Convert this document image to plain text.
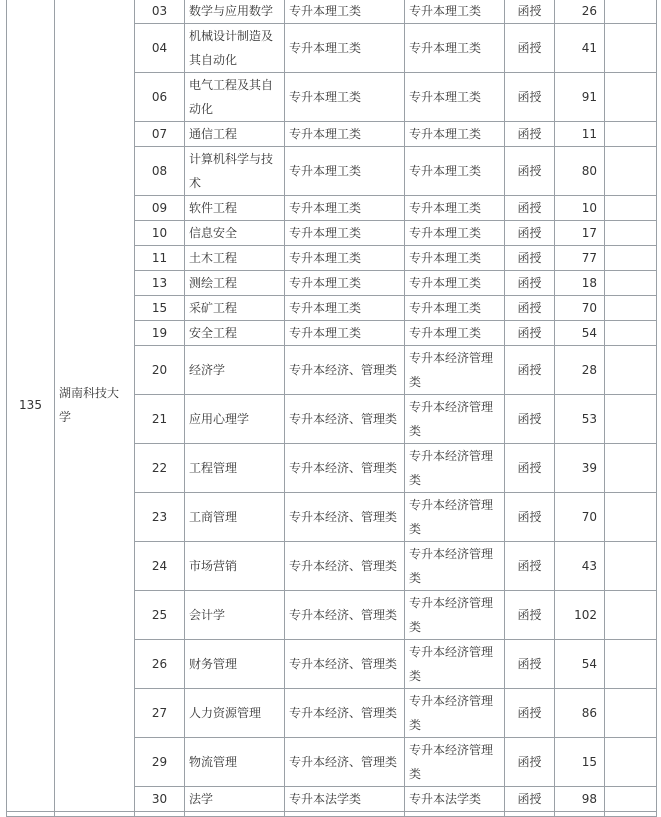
135	湖南科技大学	03	数学与应用数学	专升本理工类	专升本理工类	函授	26	
		04	机械设计制造及其自动化	专升本理工类	专升本理工类	函授	41	
		06	电气工程及其自动化	专升本理工类	专升本理工类	函授	91	
		07	通信工程	专升本理工类	专升本理工类	函授	11	
		08	计算机科学与技术	专升本理工类	专升本理工类	函授	80	
		09	软件工程	专升本理工类	专升本理工类	函授	10	
		10	信息安全	专升本理工类	专升本理工类	函授	17	
		11	土木工程	专升本理工类	专升本理工类	函授	77	
		13	测绘工程	专升本理工类	专升本理工类	函授	18	
		15	采矿工程	专升本理工类	专升本理工类	函授	70	
		19	安全工程	专升本理工类	专升本理工类	函授	54	
		20	经济学	专升本经济、管理类	专升本经济管理类	函授	28	
		21	应用心理学	专升本经济、管理类	专升本经济管理类	函授	53	
		22	工程管理	专升本经济、管理类	专升本经济管理类	函授	39	
		23	工商管理	专升本经济、管理类	专升本经济管理类	函授	70	
		24	市场营销	专升本经济、管理类	专升本经济管理类	函授	43	
		25	会计学	专升本经济、管理类	专升本经济管理类	函授	102	
		26	财务管理	专升本经济、管理类	专升本经济管理类	函授	54	
		27	人力资源管理	专升本经济、管理类	专升本经济管理类	函授	86	
		29	物流管理	专升本经济、管理类	专升本经济管理类	函授	15	
		30	法学	专升本法学类	专升本法学类	函授	98	
